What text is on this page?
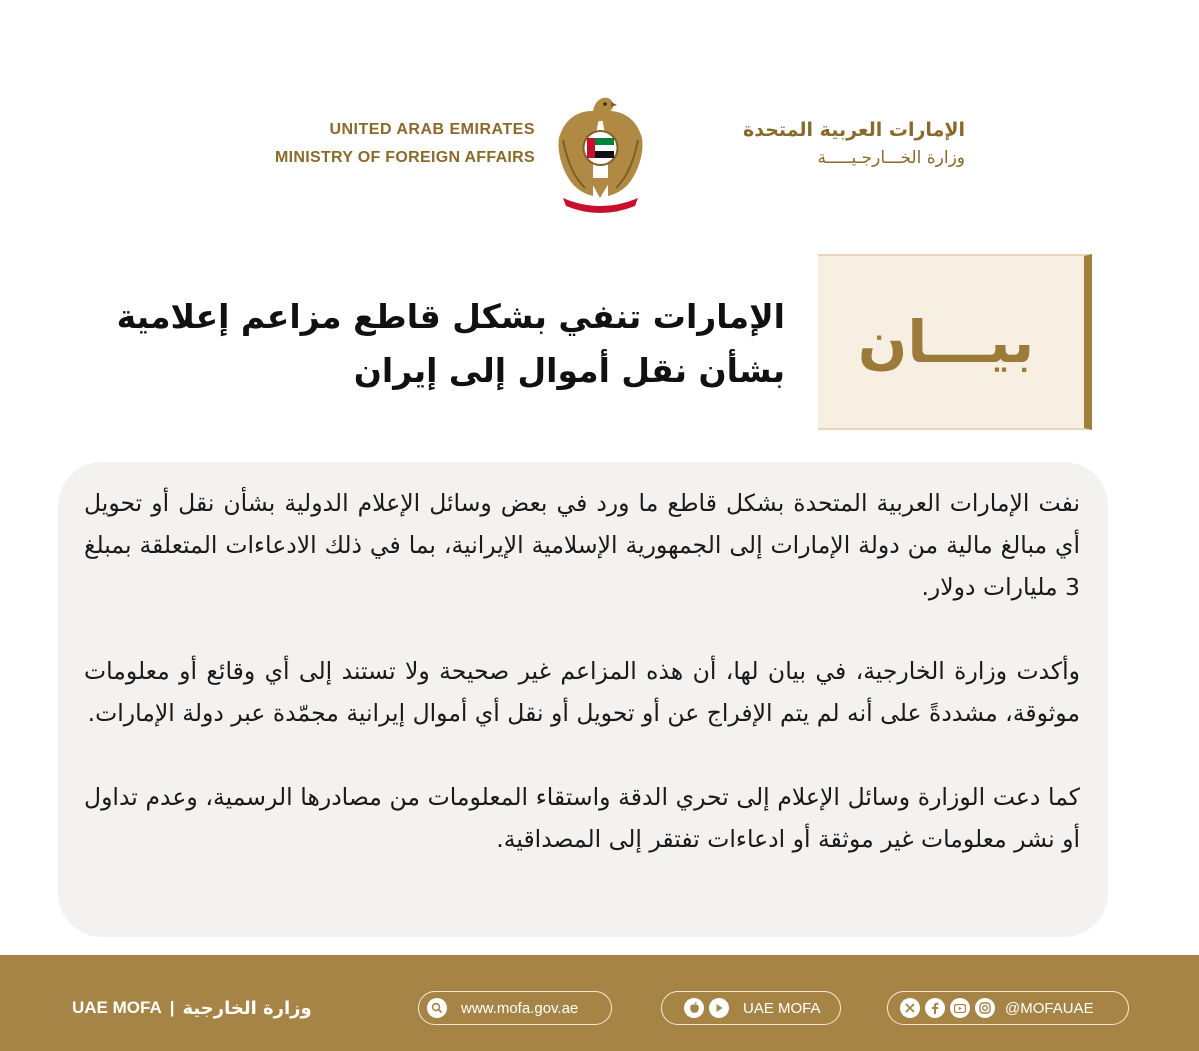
UNITED ARAB EMIRATES
MINISTRY OF FOREIGN AFFAIRS
الإمارات العربية المتحدة
وزارة الخـــارجـيـــــة
بيـــان
الإمارات تنفي بشكل قاطع مزاعم إعلامية
بشأن نقل أموال إلى إيران

نفت الإمارات العربية المتحدة بشكل قاطع ما ورد في بعض وسائل الإعلام الدولية بشأن نقل أو تحويل أي مبالغ مالية من دولة الإمارات إلى الجمهورية الإسلامية الإيرانية، بما في ذلك الادعاءات المتعلقة بمبلغ 3 مليارات دولار.

وأكدت وزارة الخارجية، في بيان لها، أن هذه المزاعم غير صحيحة ولا تستند إلى أي وقائع أو معلومات موثوقة، مشددةً على أنه لم يتم الإفراج عن أو تحويل أو نقل أي أموال إيرانية مجمّدة عبر دولة الإمارات.

كما دعت الوزارة وسائل الإعلام إلى تحري الدقة واستقاء المعلومات من مصادرها الرسمية، وعدم تداول أو نشر معلومات غير موثقة أو ادعاءات تفتقر إلى المصداقية.

UAE MOFA | وزارة الخارجية	www.mofa.gov.ae	UAE MOFA	@MOFAUAE
